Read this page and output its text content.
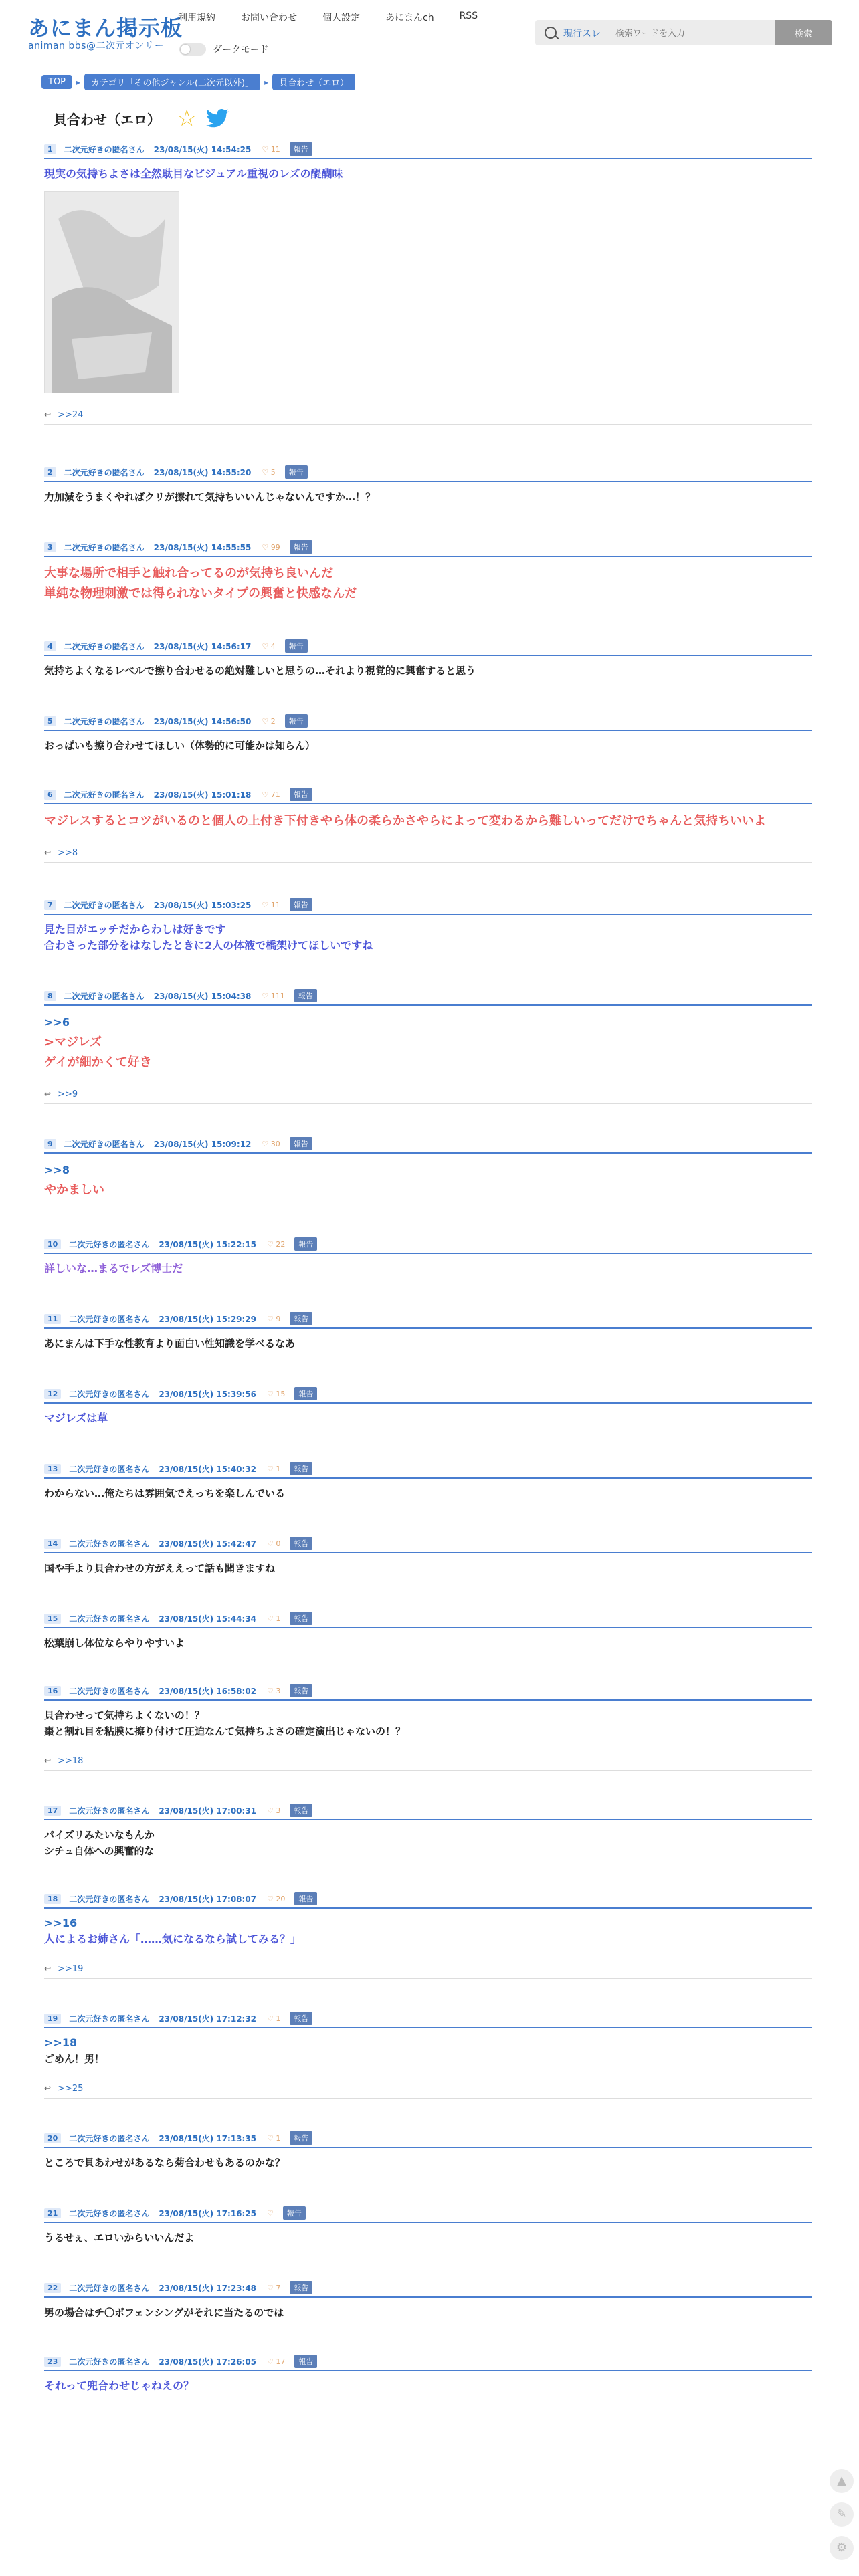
あにまん掲示板
animan bbs@二次元オンリー
利用規約	お問い合わせ	個人設定	あにまんch	RSS
ダークモード
現行スレ
検索ワードを入力	検索
TOP	▸	カテゴリ「その他ジャンル(二次元以外)」	▸	貝合わせ（エロ）
貝合わせ（エロ） ☆
1	二次元好きの匿名さん 23/08/15(火) 14:54:25 ♡ 11	報告
現実の気持ちよさは全然駄目なビジュアル重視のレズの醍醐味
↩ >>24
2	二次元好きの匿名さん 23/08/15(火) 14:55:20 ♡ 5	報告
力加減をうまくやればクリが擦れて気持ちいいんじゃないんですか…！？
3	二次元好きの匿名さん 23/08/15(火) 14:55:55 ♡ 99	報告
大事な場所で相手と触れ合ってるのが気持ち良いんだ
単純な物理刺激では得られないタイプの興奮と快感なんだ
4	二次元好きの匿名さん 23/08/15(火) 14:56:17 ♡ 4	報告
気持ちよくなるレベルで擦り合わせるの絶対難しいと思うの…それより視覚的に興奮すると思う
5	二次元好きの匿名さん 23/08/15(火) 14:56:50 ♡ 2	報告
おっぱいも擦り合わせてほしい（体勢的に可能かは知らん）
6	二次元好きの匿名さん 23/08/15(火) 15:01:18 ♡ 71	報告
マジレスするとコツがいるのと個人の上付き下付きやら体の柔らかさやらによって変わるから難しいってだけでちゃんと気持ちいいよ
↩ >>8
7	二次元好きの匿名さん 23/08/15(火) 15:03:25 ♡ 11	報告
見た目がエッチだからわしは好きです
合わさった部分をはなしたときに2人の体液で橋架けてほしいですね
8	二次元好きの匿名さん 23/08/15(火) 15:04:38 ♡ 111	報告
>>6
>マジレズ
ゲイが細かくて好き
↩ >>9
9	二次元好きの匿名さん 23/08/15(火) 15:09:12 ♡ 30	報告
>>8
やかましい
10	二次元好きの匿名さん 23/08/15(火) 15:22:15 ♡ 22	報告
詳しいな…まるでレズ博士だ
11	二次元好きの匿名さん 23/08/15(火) 15:29:29 ♡ 9	報告
あにまんは下手な性教育より面白い性知識を学べるなあ
12	二次元好きの匿名さん 23/08/15(火) 15:39:56 ♡ 15	報告
マジレズは草
13	二次元好きの匿名さん 23/08/15(火) 15:40:32 ♡ 1	報告
わからない…俺たちは雰囲気でえっちを楽しんでいる
14	二次元好きの匿名さん 23/08/15(火) 15:42:47 ♡ 0	報告
国や手より貝合わせの方がええって話も聞きますね
15	二次元好きの匿名さん 23/08/15(火) 15:44:34 ♡ 1	報告
松葉崩し体位ならやりやすいよ
16	二次元好きの匿名さん 23/08/15(火) 16:58:02 ♡ 3	報告
貝合わせって気持ちよくないの！？
棗と割れ目を粘膜に擦り付けて圧迫なんて気持ちよさの確定演出じゃないの！？
↩ >>18
17	二次元好きの匿名さん 23/08/15(火) 17:00:31 ♡ 3	報告
パイズリみたいなもんか
シチュ自体への興奮的な
18	二次元好きの匿名さん 23/08/15(火) 17:08:07 ♡ 20	報告
>>16
人によるお姉さん「……気になるなら試してみる？」
↩ >>19
19	二次元好きの匿名さん 23/08/15(火) 17:12:32 ♡ 1	報告
>>18
ごめん！男！
↩ >>25
20	二次元好きの匿名さん 23/08/15(火) 17:13:35 ♡ 1	報告
ところで貝あわせがあるなら菊合わせもあるのかな？
21	二次元好きの匿名さん 23/08/15(火) 17:16:25 ♡	報告
うるせぇ、エロいからいいんだよ
22	二次元好きの匿名さん 23/08/15(火) 17:23:48 ♡ 7	報告
男の場合はチ〇ポフェンシングがそれに当たるのでは
23	二次元好きの匿名さん 23/08/15(火) 17:26:05 ♡ 17	報告
それって兜合わせじゃねえの？
▲
✎
⚙
